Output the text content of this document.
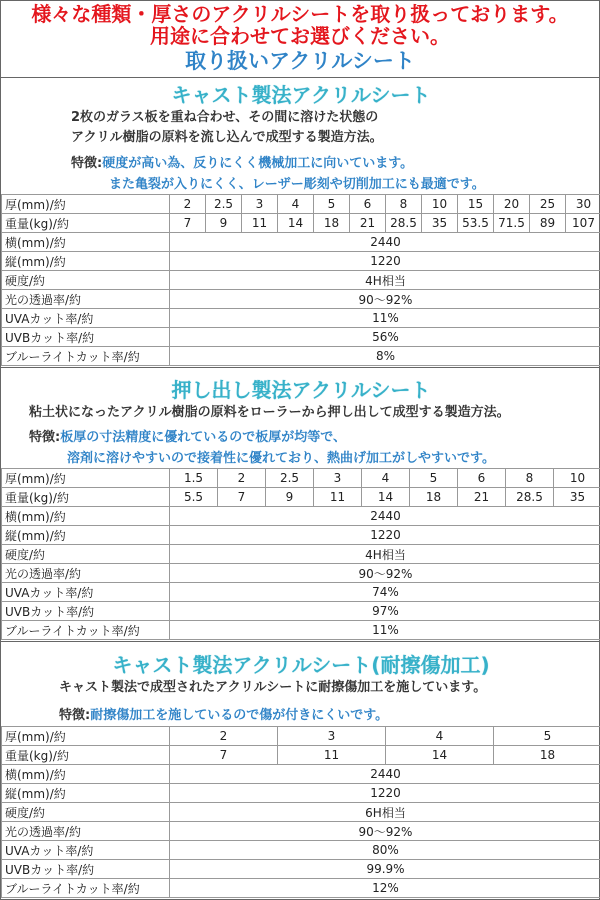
様々な種類・厚さのアクリルシートを取り扱っております。
用途に合わせてお選びください。
取り扱いアクリルシート
キャスト製法アクリルシート
2枚のガラス板を重ね合わせ、その間に溶けた状態の
アクリル樹脂の原料を流し込んで成型する製造方法。
特徴:硬度が高い為、反りにくく機械加工に向いています。
また亀裂が入りにくく、レーザー彫刻や切削加工にも最適です。
厚(mm)/約	2	2.5	3	4	5	6	8	10	15	20	25	30
重量(kg)/約	7	9	11	14	18	21	28.5	35	53.5	71.5	89	107
横(mm)/約	2440											
縦(mm)/約	1220											
硬度/約	4H相当											
光の透過率/約	90～92%											
UVAカット率/約	11%											
UVBカット率/約	56%											
ブルーライトカット率/約	8%											
押し出し製法アクリルシート
粘土状になったアクリル樹脂の原料をローラーから押し出して成型する製造方法。
特徴:板厚の寸法精度に優れているので板厚が均等で、
溶剤に溶けやすいので接着性に優れており、熱曲げ加工がしやすいです。
厚(mm)/約	1.5	2	2.5	3	4	5	6	8	10
重量(kg)/約	5.5	7	9	11	14	18	21	28.5	35
横(mm)/約	2440								
縦(mm)/約	1220								
硬度/約	4H相当								
光の透過率/約	90～92%								
UVAカット率/約	74%								
UVBカット率/約	97%								
ブルーライトカット率/約	11%								
キャスト製法アクリルシート(耐擦傷加工)
キャスト製法で成型されたアクリルシートに耐擦傷加工を施しています。
特徴:耐擦傷加工を施しているので傷が付きにくいです。
厚(mm)/約	2	3	4	5
重量(kg)/約	7	11	14	18
横(mm)/約	2440			
縦(mm)/約	1220			
硬度/約	6H相当			
光の透過率/約	90～92%			
UVAカット率/約	80%			
UVBカット率/約	99.9%			
ブルーライトカット率/約	12%			
